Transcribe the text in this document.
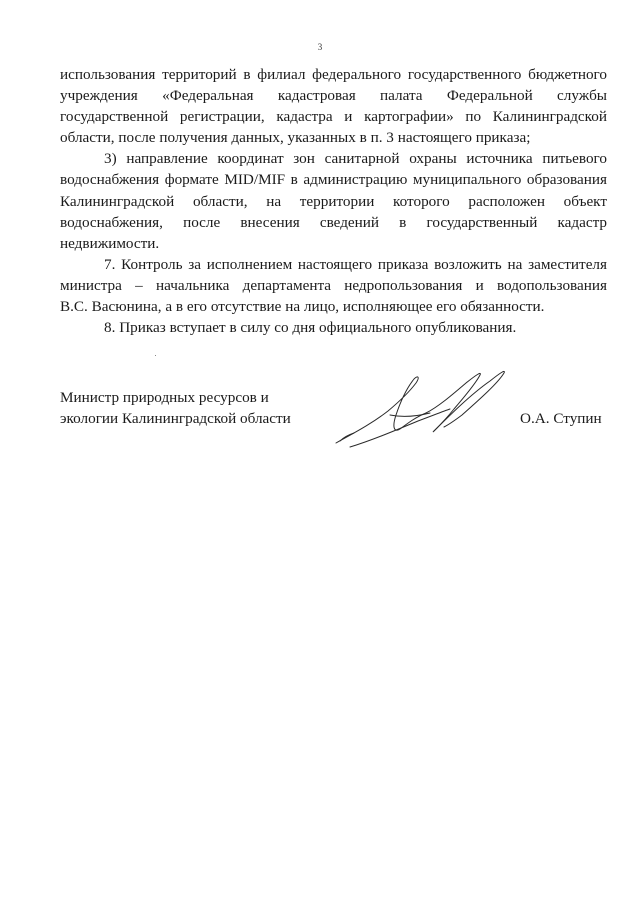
3
использования территорий в филиал федерального государственного бюджетного
учреждения «Федеральная кадастровая палата Федеральной службы
государственной регистрации, кадастра и картографии» по Калининградской
области, после получения данных, указанных в п. 3 настоящего приказа;
3) направление координат зон санитарной охраны источника питьевого
водоснабжения формате MID/MIF в администрацию муниципального образования
Калининградской области, на территории которого расположен объект
водоснабжения, после внесения сведений в государственный кадастр
недвижимости.
7. Контроль за исполнением настоящего приказа возложить на заместителя
министра – начальника департамента недропользования и водопользования
В.С. Васюнина, а в его отсутствие на лицо, исполняющее его обязанности.
8. Приказ вступает в силу со дня официального опубликования.
Министр природных ресурсов и
экологии Калининградской области	О.А. Ступин
